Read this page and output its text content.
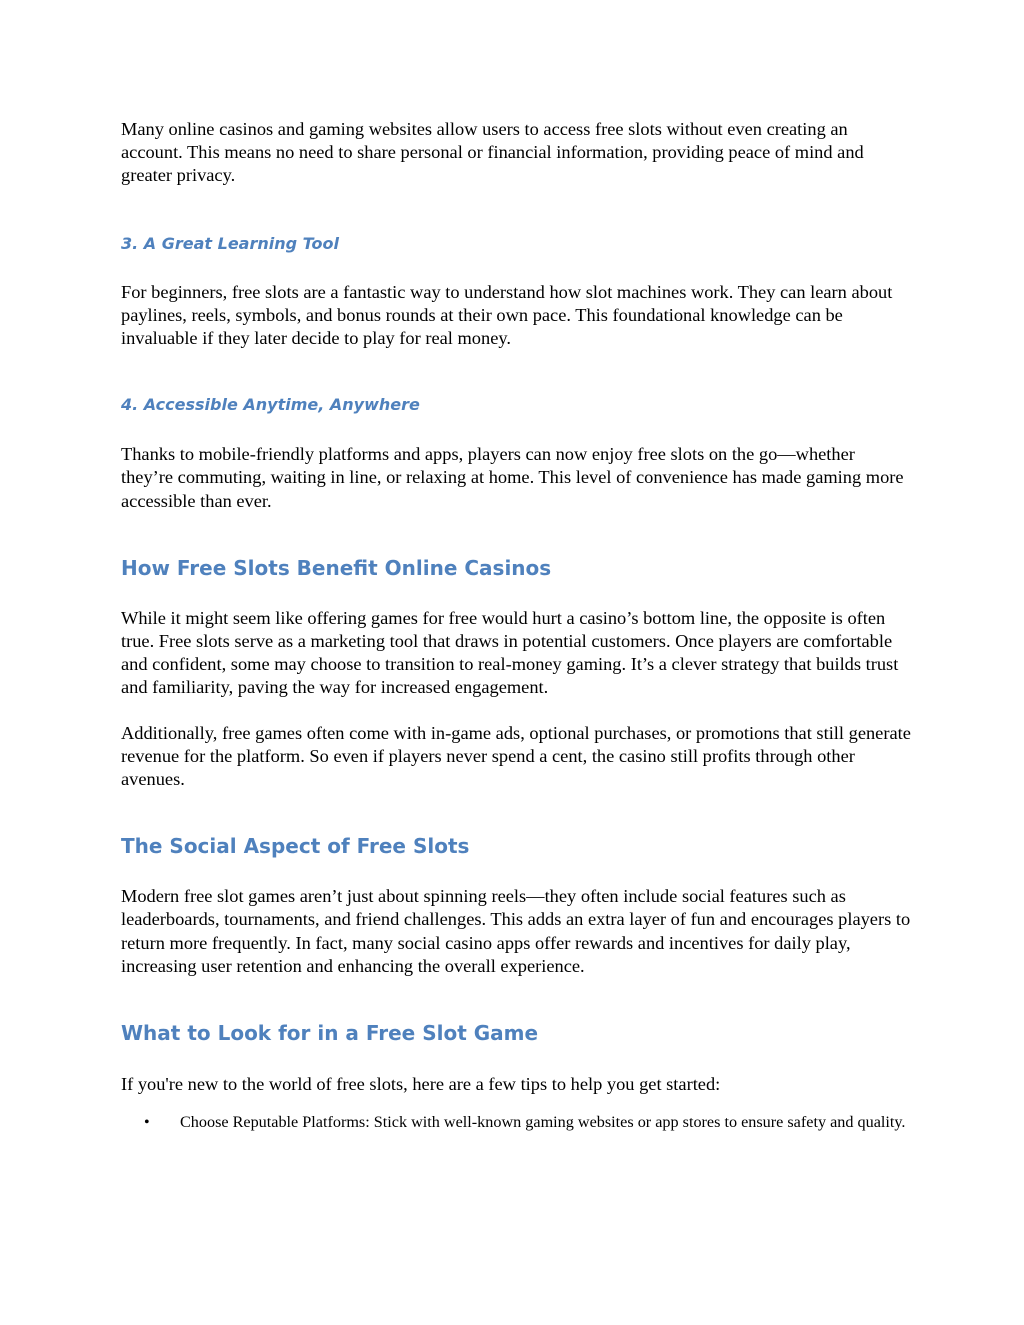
Many online casinos and gaming websites allow users to access free slots without even creating an account. This means no need to share personal or financial information, providing peace of mind and greater privacy.

3. A Great Learning Tool

For beginners, free slots are a fantastic way to understand how slot machines work. They can learn about paylines, reels, symbols, and bonus rounds at their own pace. This foundational knowledge can be invaluable if they later decide to play for real money.

4. Accessible Anytime, Anywhere

Thanks to mobile-friendly platforms and apps, players can now enjoy free slots on the go—whether they’re commuting, waiting in line, or relaxing at home. This level of convenience has made gaming more accessible than ever.

How Free Slots Benefit Online Casinos

While it might seem like offering games for free would hurt a casino’s bottom line, the opposite is often true. Free slots serve as a marketing tool that draws in potential customers. Once players are comfortable and confident, some may choose to transition to real-money gaming. It’s a clever strategy that builds trust and familiarity, paving the way for increased engagement.

Additionally, free games often come with in-game ads, optional purchases, or promotions that still generate revenue for the platform. So even if players never spend a cent, the casino still profits through other avenues.

The Social Aspect of Free Slots

Modern free slot games aren’t just about spinning reels—they often include social features such as leaderboards, tournaments, and friend challenges. This adds an extra layer of fun and encourages players to return more frequently. In fact, many social casino apps offer rewards and incentives for daily play, increasing user retention and enhancing the overall experience.

What to Look for in a Free Slot Game

If you're new to the world of free slots, here are a few tips to help you get started:

• Choose Reputable Platforms: Stick with well-known gaming websites or app stores to ensure safety and quality.
